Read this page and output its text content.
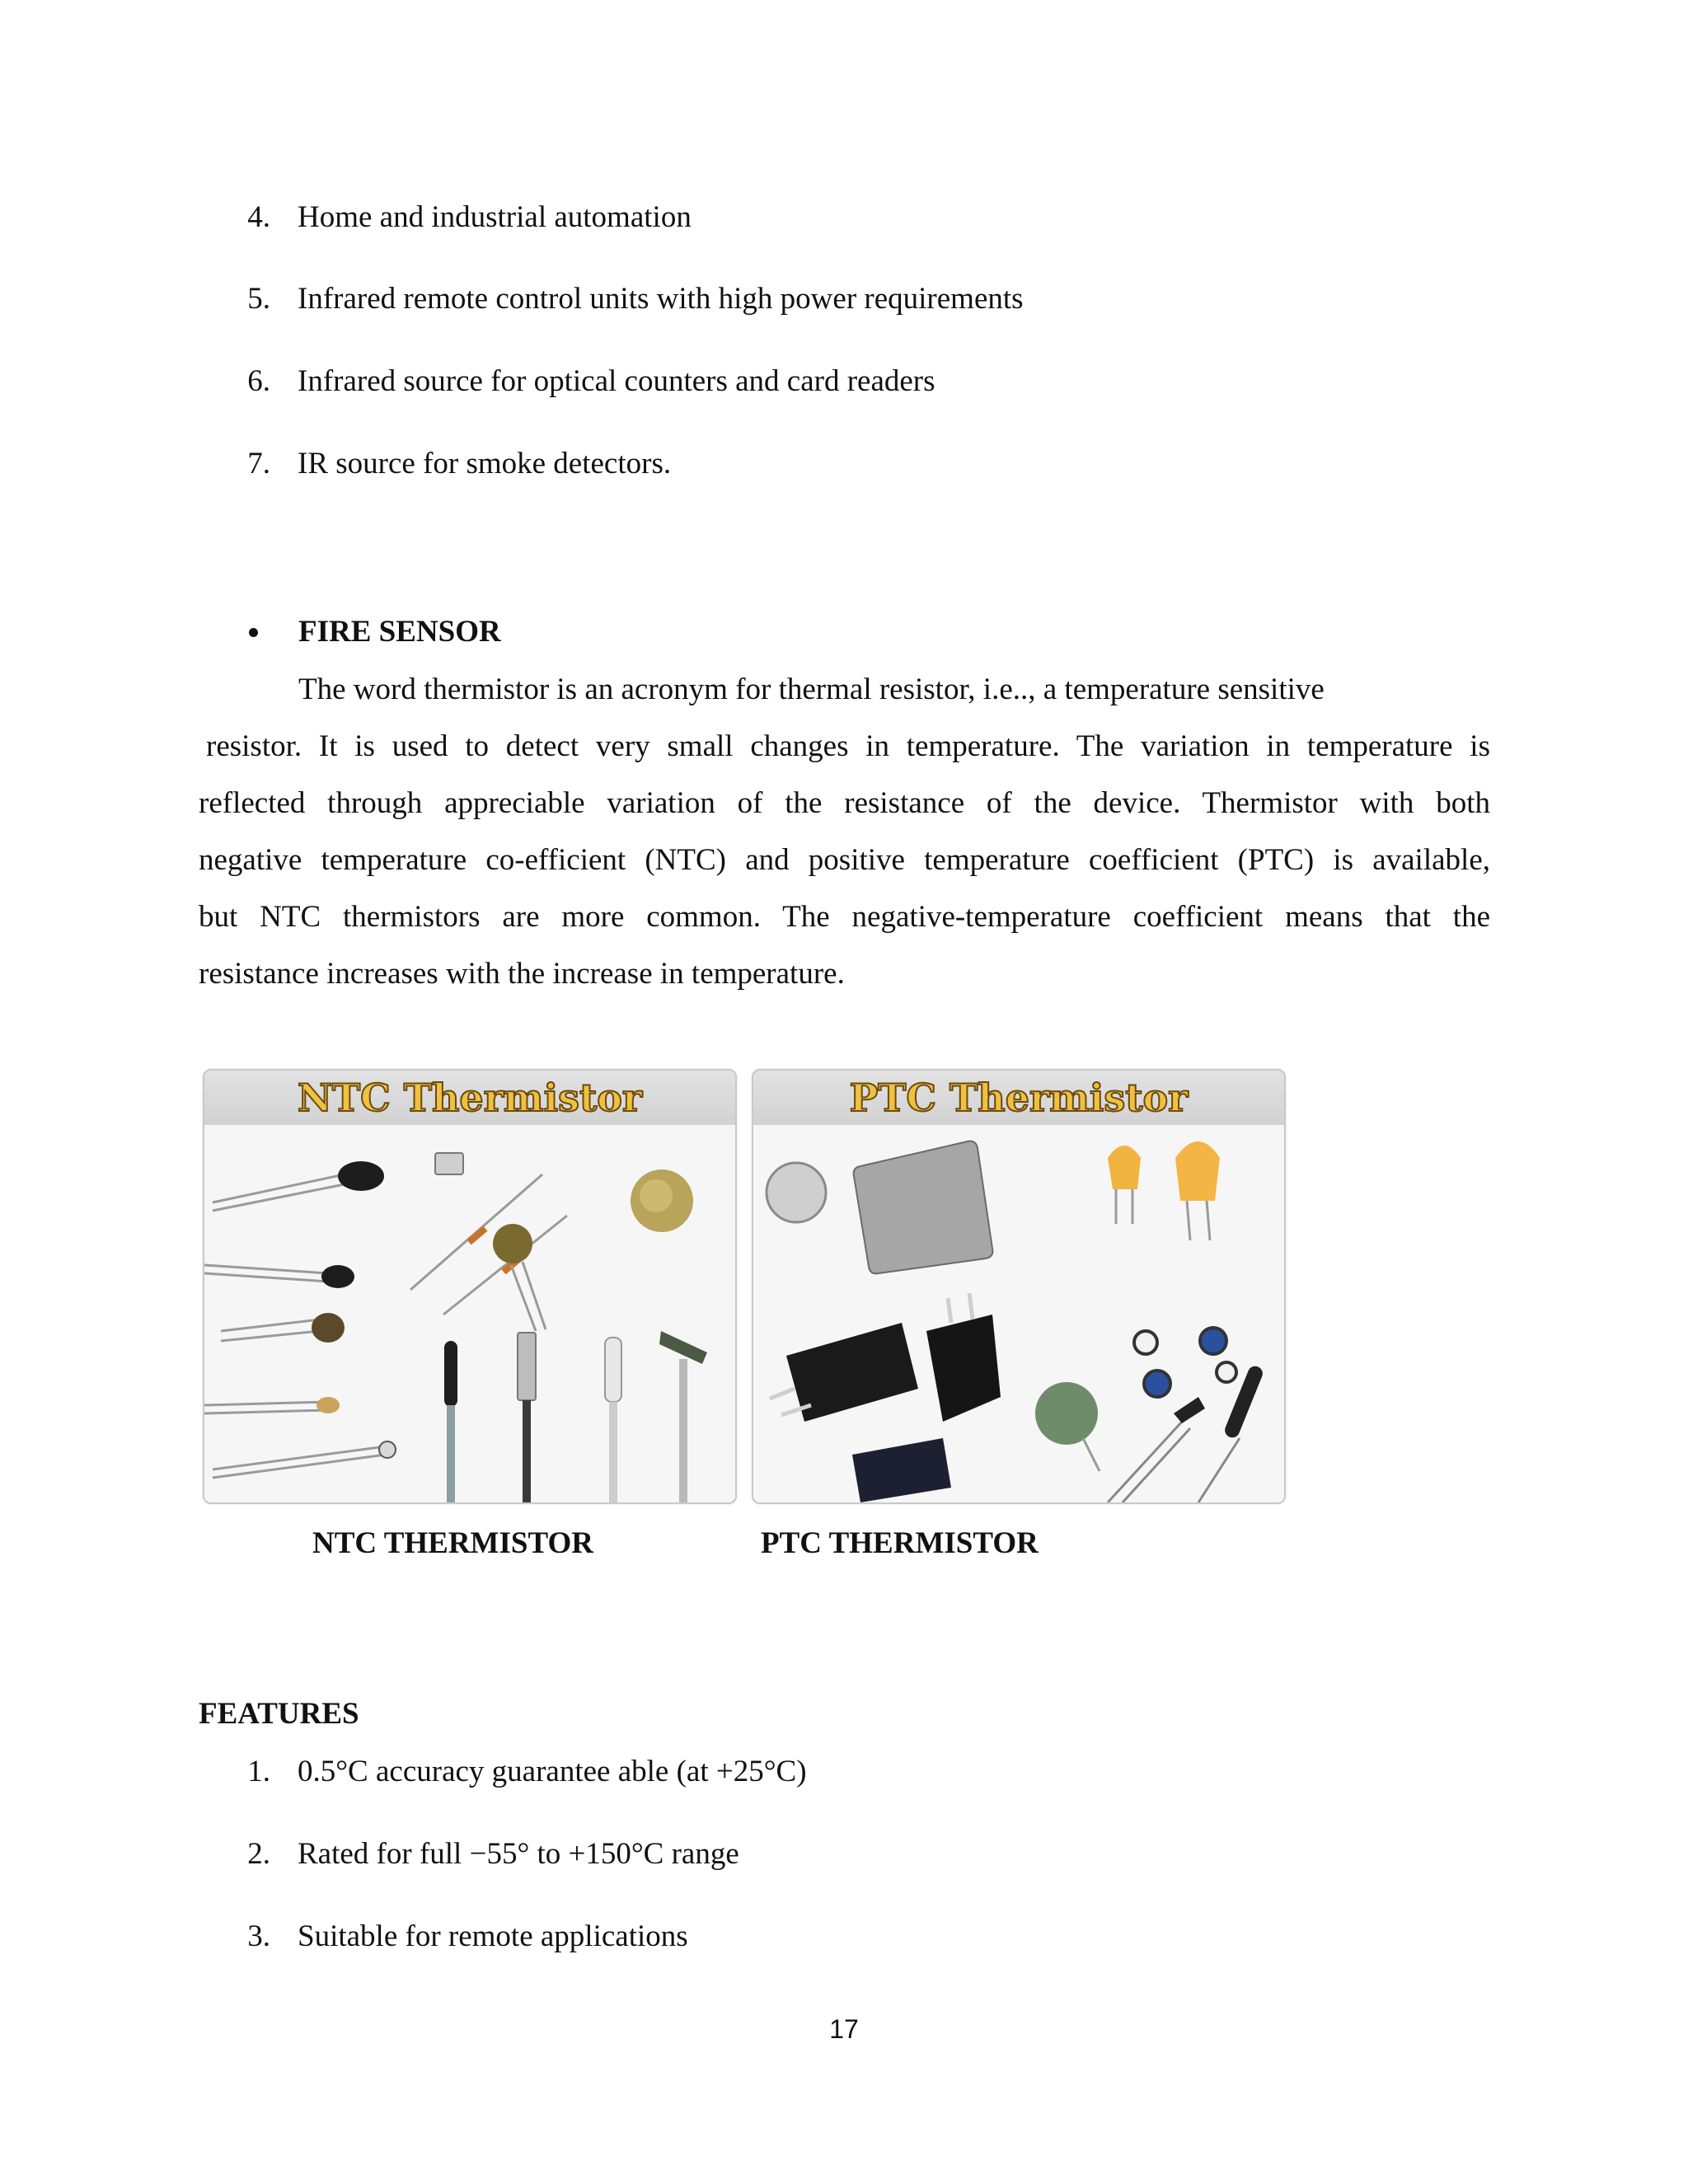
4. Home and industrial automation
5. Infrared remote control units with high power requirements
6. Infrared source for optical counters and card readers
7. IR source for smoke detectors.
FIRE SENSOR
The word thermistor is an acronym for thermal resistor, i.e.., a temperature sensitive
resistor. It is used to detect very small changes in temperature. The variation in temperature is
reflected through appreciable variation of the resistance of the device. Thermistor with both
negative temperature co-efficient (NTC) and positive temperature coefficient (PTC) is available,
but NTC thermistors are more common. The negative-temperature coefficient means that the
resistance increases with the increase in temperature.
NTC Thermistor	PTC Thermistor
NTC THERMISTOR	PTC THERMISTOR
FEATURES
1. 0.5°C accuracy guarantee able (at +25°C)
2. Rated for full −55° to +150°C range
3. Suitable for remote applications
17
